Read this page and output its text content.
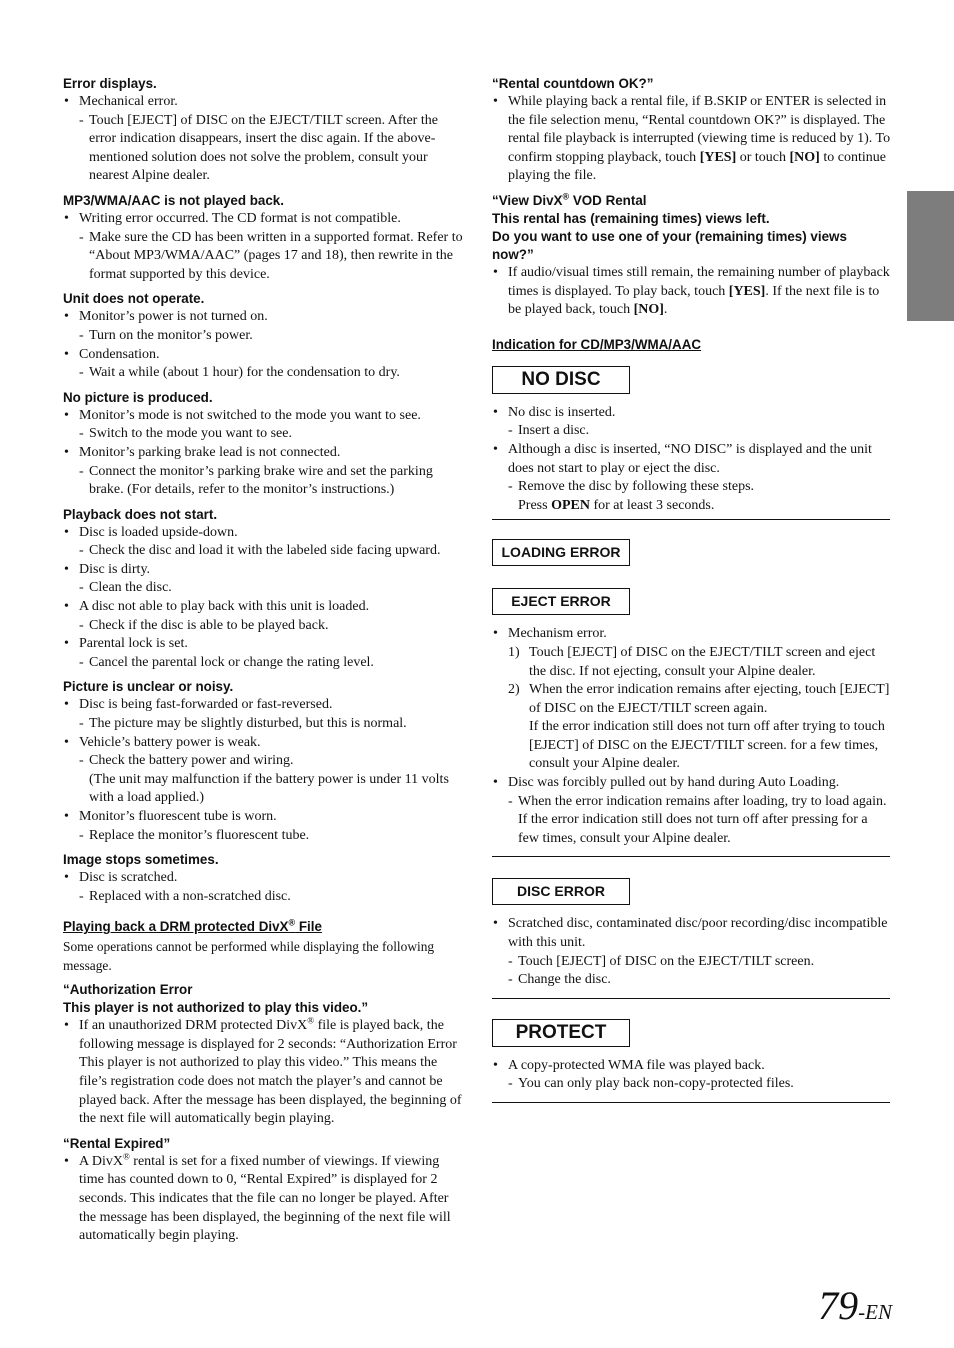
Error displays.
• Mechanical error.
- Touch [EJECT] of DISC on the EJECT/TILT screen. After the error indication disappears, insert the disc again. If the above-mentioned solution does not solve the problem, consult your nearest Alpine dealer.
MP3/WMA/AAC is not played back.
• Writing error occurred. The CD format is not compatible.
- Make sure the CD has been written in a supported format. Refer to “About MP3/WMA/AAC” (pages 17 and 18), then rewrite in the format supported by this device.
Unit does not operate.
• Monitor’s power is not turned on.
- Turn on the monitor’s power.
• Condensation.
- Wait a while (about 1 hour) for the condensation to dry.
No picture is produced.
• Monitor’s mode is not switched to the mode you want to see.
- Switch to the mode you want to see.
• Monitor’s parking brake lead is not connected.
- Connect the monitor’s parking brake wire and set the parking brake. (For details, refer to the monitor’s instructions.)
Playback does not start.
• Disc is loaded upside-down.
- Check the disc and load it with the labeled side facing upward.
• Disc is dirty.
- Clean the disc.
• A disc not able to play back with this unit is loaded.
- Check if the disc is able to be played back.
• Parental lock is set.
- Cancel the parental lock or change the rating level.
Picture is unclear or noisy.
• Disc is being fast-forwarded or fast-reversed.
- The picture may be slightly disturbed, but this is normal.
• Vehicle’s battery power is weak.
- Check the battery power and wiring.
(The unit may malfunction if the battery power is under 11 volts with a load applied.)
• Monitor’s fluorescent tube is worn.
- Replace the monitor’s fluorescent tube.
Image stops sometimes.
• Disc is scratched.
- Replaced with a non-scratched disc.
Playing back a DRM protected DivX® File
Some operations cannot be performed while displaying the following message.
“Authorization Error
This player is not authorized to play this video.”
• If an unauthorized DRM protected DivX® file is played back, the following message is displayed for 2 seconds: “Authorization Error This player is not authorized to play this video.” This means the file’s registration code does not match the player’s and cannot be played back. After the message has been displayed, the beginning of the next file will automatically begin playing.
“Rental Expired”
• A DivX® rental is set for a fixed number of viewings. If viewing time has counted down to 0, “Rental Expired” is displayed for 2 seconds. This indicates that the file can no longer be played. After the message has been displayed, the beginning of the next file will automatically begin playing.
“Rental countdown OK?”
• While playing back a rental file, if B.SKIP or ENTER is selected in the file selection menu, “Rental countdown OK?” is displayed. The rental file playback is interrupted (viewing time is reduced by 1). To confirm stopping playback, touch [YES] or touch [NO] to continue playing the file.
“View DivX® VOD Rental
This rental has (remaining times) views left.
Do you want to use one of your (remaining times) views now?”
• If audio/visual times still remain, the remaining number of playback times is displayed. To play back, touch [YES]. If the next file is to be played back, touch [NO].
Indication for CD/MP3/WMA/AAC
NO DISC
• No disc is inserted.
- Insert a disc.
• Although a disc is inserted, “NO DISC” is displayed and the unit does not start to play or eject the disc.
- Remove the disc by following these steps.
Press OPEN for at least 3 seconds.
LOADING ERROR
EJECT ERROR
• Mechanism error.
1) Touch [EJECT] of DISC on the EJECT/TILT screen and eject the disc. If not ejecting, consult your Alpine dealer.
2) When the error indication remains after ejecting, touch [EJECT] of DISC on the EJECT/TILT screen again.
If the error indication still does not turn off after trying to touch [EJECT] of DISC on the EJECT/TILT screen. for a few times, consult your Alpine dealer.
• Disc was forcibly pulled out by hand during Auto Loading.
- When the error indication remains after loading, try to load again.
If the error indication still does not turn off after pressing for a few times, consult your Alpine dealer.
DISC ERROR
• Scratched disc, contaminated disc/poor recording/disc incompatible with this unit.
- Touch [EJECT] of DISC on the EJECT/TILT screen.
- Change the disc.
PROTECT
• A copy-protected WMA file was played back.
- You can only play back non-copy-protected files.
79-EN
